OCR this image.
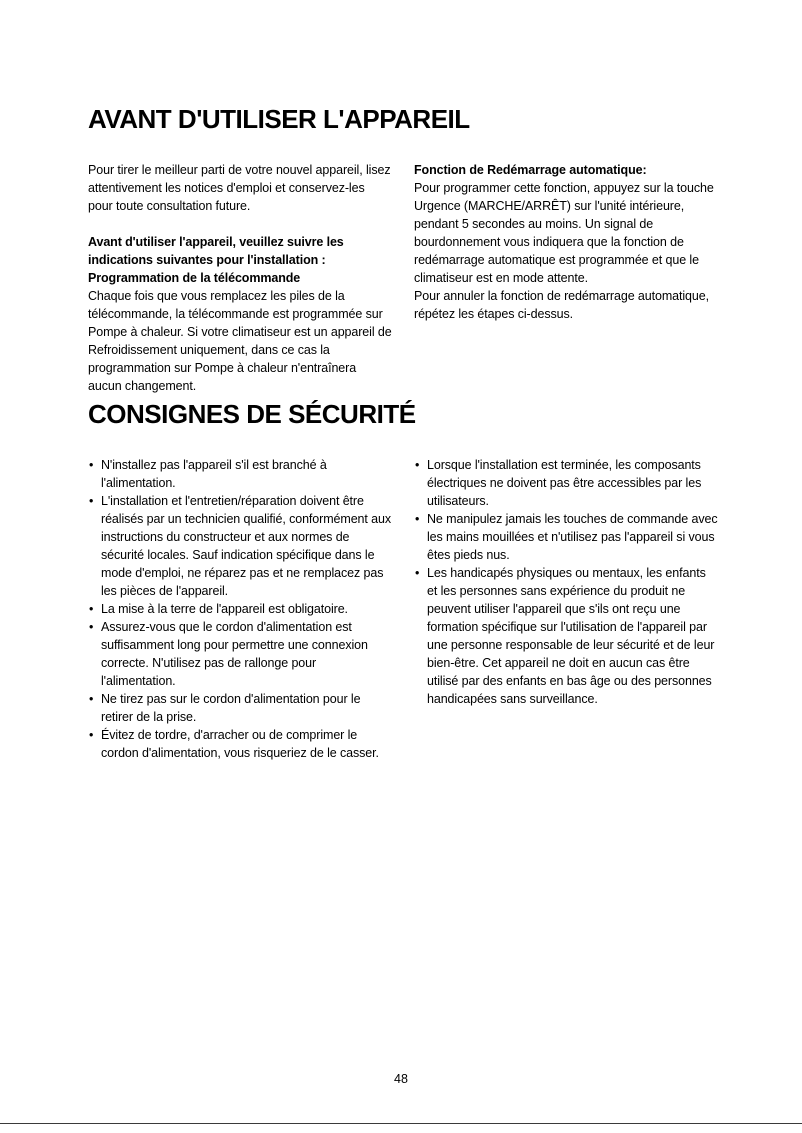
AVANT D'UTILISER L'APPAREIL

Pour tirer le meilleur parti de votre nouvel appareil, lisez attentivement les notices d'emploi et conservez-les pour toute consultation future.

Avant d'utiliser l'appareil, veuillez suivre les indications suivantes pour l'installation :

Programmation de la télécommande

Chaque fois que vous remplacez les piles de la télécommande, la télécommande est programmée sur Pompe à chaleur. Si votre climatiseur est un appareil de Refroidissement uniquement, dans ce cas la programmation sur Pompe à chaleur n'entraînera aucun changement.

Fonction de Redémarrage automatique:

Pour programmer cette fonction, appuyez sur la touche Urgence (MARCHE/ARRÊT) sur l'unité intérieure, pendant 5 secondes au moins. Un signal de bourdonnement vous indiquera que la fonction de redémarrage automatique est programmée et que le climatiseur est en mode attente.

Pour annuler la fonction de redémarrage automatique, répétez les étapes ci-dessus.

CONSIGNES DE SÉCURITÉ
• N'installez pas l'appareil s'il est branché à l'alimentation.
• L'installation et l'entretien/réparation doivent être réalisés par un technicien qualifié, conformément aux instructions du constructeur et aux normes de sécurité locales. Sauf indication spécifique dans le mode d'emploi, ne réparez pas et ne remplacez pas les pièces de l'appareil.
• La mise à la terre de l'appareil est obligatoire.
• Assurez-vous que le cordon d'alimentation est suffisamment long pour permettre une connexion correcte. N'utilisez pas de rallonge pour l'alimentation.
• Ne tirez pas sur le cordon d'alimentation pour le retirer de la prise.
• Évitez de tordre, d'arracher ou de comprimer le cordon d'alimentation, vous risqueriez de le casser.
• Lorsque l'installation est terminée, les composants électriques ne doivent pas être accessibles par les utilisateurs.
• Ne manipulez jamais les touches de commande avec les mains mouillées et n'utilisez pas l'appareil si vous êtes pieds nus.
• Les handicapés physiques ou mentaux, les enfants et les personnes sans expérience du produit ne peuvent utiliser l'appareil que s'ils ont reçu une formation spécifique sur l'utilisation de l'appareil par une personne responsable de leur sécurité et de leur bien-être. Cet appareil ne doit en aucun cas être utilisé par des enfants en bas âge ou des personnes handicapées sans surveillance.
48
